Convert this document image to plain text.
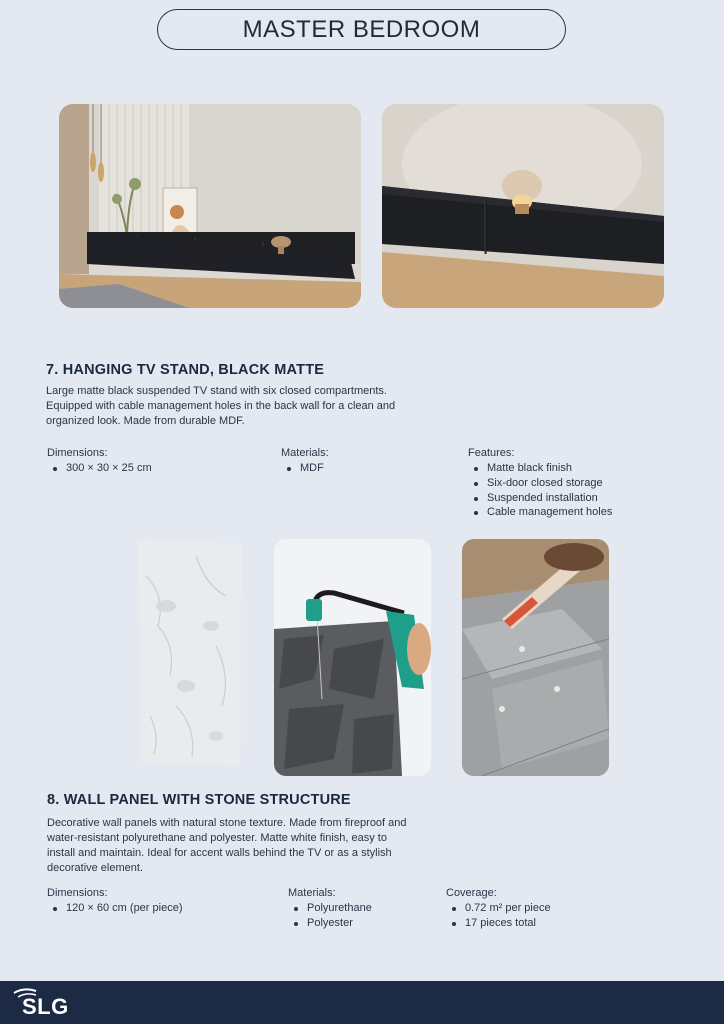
MASTER BEDROOM
7. HANGING TV STAND, BLACK MATTE
Large matte black suspended TV stand with six closed compartments.
Equipped with cable management holes in the back wall for a clean and
organized look. Made from durable MDF.
Dimensions:
300 × 30 × 25 cm
Materials:
MDF
Features:
Matte black finish
Six-door closed storage
Suspended installation
Cable management holes
8. WALL PANEL WITH STONE STRUCTURE
Decorative wall panels with natural stone texture. Made from fireproof and
water-resistant polyurethane and polyester. Matte white finish, easy to
install and maintain. Ideal for accent walls behind the TV or as a stylish
decorative element.
Dimensions:
120 × 60 cm (per piece)
Materials:
Polyurethane
Polyester
Coverage:
0.72 m² per piece
17 pieces total
SLG
